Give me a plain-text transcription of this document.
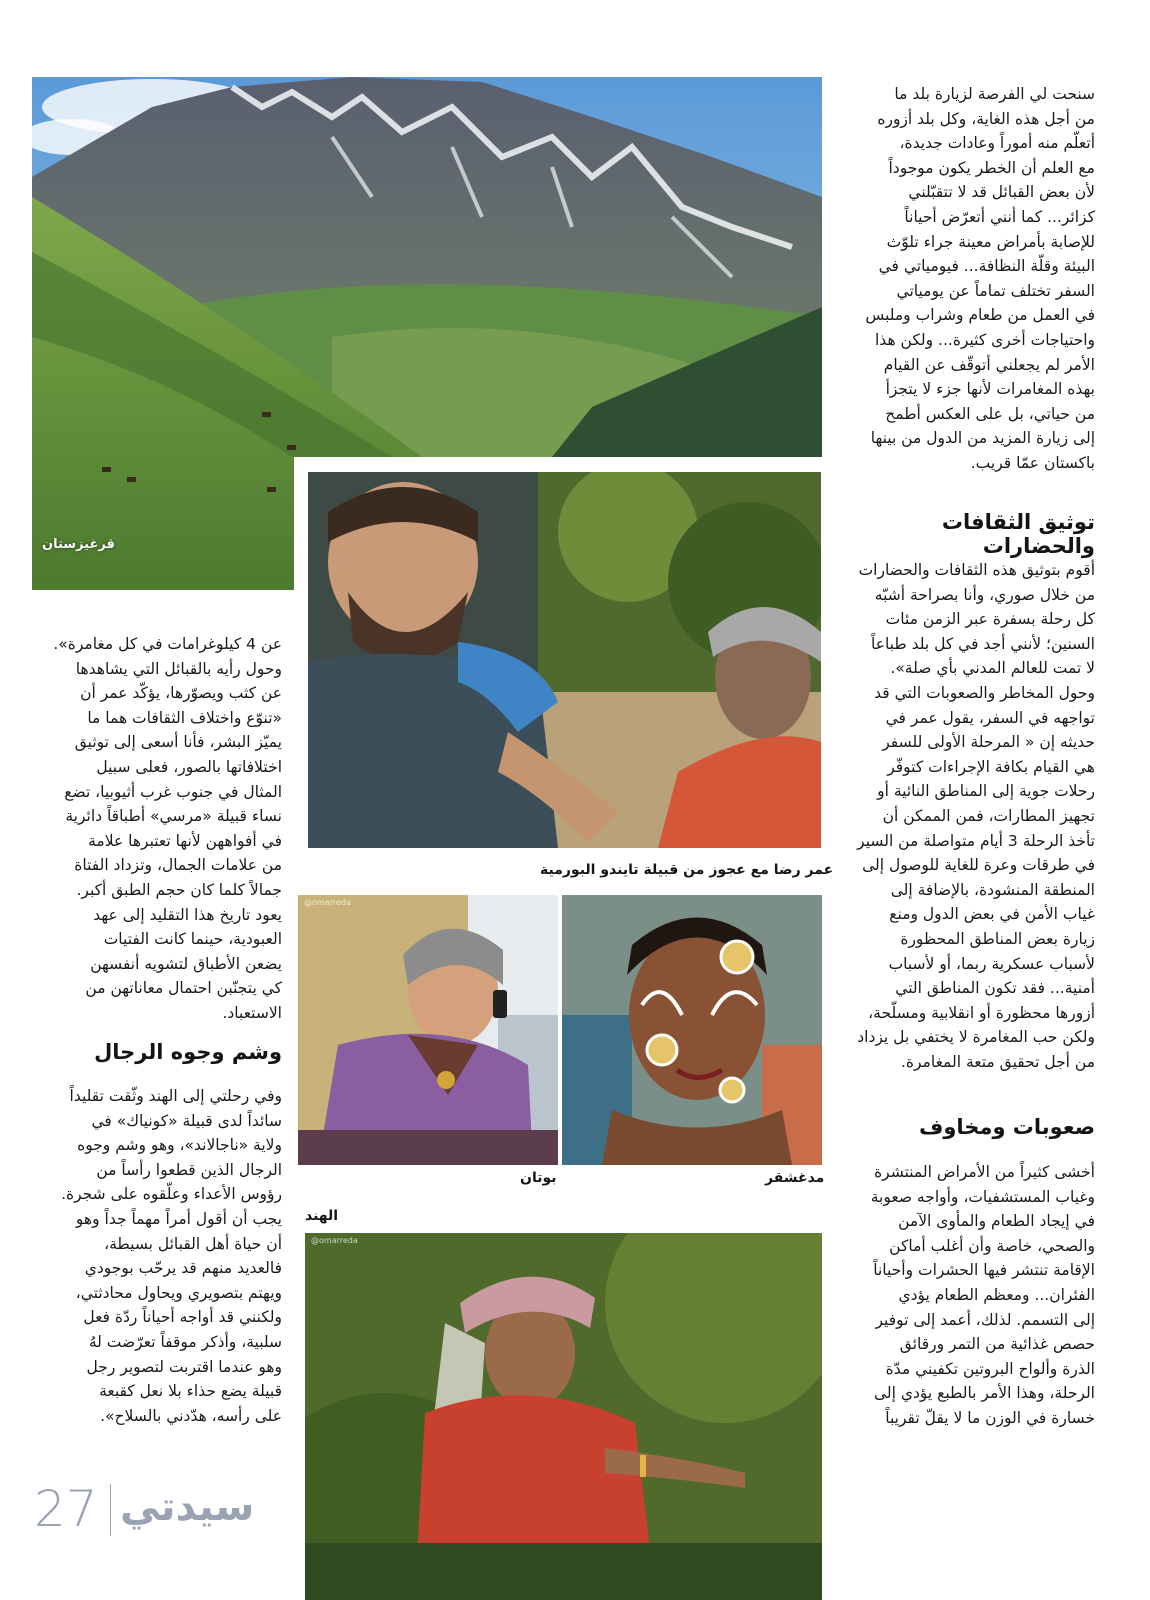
قرغيزستان
عمر رضا مع عجوز من قبيلة تايندو البورمية
@omarreda
بوتان	مدغشقر
الهند
@omarreda
سنحت لي الفرصة لزيارة بلد ما
من أجل هذه الغاية، وكل بلد أزوره
أتعلّم منه أموراً وعادات جديدة،
مع العلم أن الخطر يكون موجوداً
لأن بعض القبائل قد لا تتقبّلني
كزائر... كما أنني أتعرّض أحياناً
للإصابة بأمراض معينة جراء تلوّث
البيئة وقلّة النظافة... فيومياتي في
السفر تختلف تماماً عن يومياتي
في العمل من طعام وشراب وملبس
واحتياجات أخرى كثيرة... ولكن هذا
الأمر لم يجعلني أتوقّف عن القيام
بهذه المغامرات لأنها جزء لا يتجزأ
من حياتي، بل على العكس أطمح
إلى زيارة المزيد من الدول من بينها
باكستان عمّا قريب.
توثيق الثقافات والحضارات
أقوم بتوثيق هذه الثقافات والحضارات
من خلال صوري، وأنا بصراحة أشبّه
كل رحلة بسفرة عبر الزمن مئات
السنين؛ لأنني أجد في كل بلد طباعاً
لا تمت للعالم المدني بأي صلة».
وحول المخاطر والصعوبات التي قد
تواجهه في السفر، يقول عمر في
حديثه إن « المرحلة الأولى للسفر
هي القيام بكافة الإجراءات كتوفّر
رحلات جوية إلى المناطق النائية أو
تجهيز المطارات، فمن الممكن أن
تأخذ الرحلة 3 أيام متواصلة من السير
في طرقات وعرة للغاية للوصول إلى
المنطقة المنشودة، بالإضافة إلى
غياب الأمن في بعض الدول ومنع
زيارة بعض المناطق المحظورة
لأسباب عسكرية ربما، أو لأسباب
أمنية... فقد تكون المناطق التي
أزورها محظورة أو انقلابية ومسلّحة،
ولكن حب المغامرة لا يختفي بل يزداد
من أجل تحقيق متعة المغامرة.
صعوبات ومخاوف
أخشى كثيراً من الأمراض المنتشرة
وغياب المستشفيات، وأواجه صعوبة
في إيجاد الطعام والمأوى الآمن
والصحي، خاصة وأن أغلب أماكن
الإقامة تنتشر فيها الحشرات وأحياناً
الفئران... ومعظم الطعام يؤدي
إلى التسمم. لذلك، أعمد إلى توفير
حصص غذائية من التمر ورقائق
الذرة وألواح البروتين تكفيني مدّة
الرحلة، وهذا الأمر بالطبع يؤدي إلى
خسارة في الوزن ما لا يقلّ تقريباً
عن 4 كيلوغرامات في كل مغامرة».
وحول رأيه بالقبائل التي يشاهدها
عن كثب ويصوّرها، يؤكّد عمر أن
«تنوّع واختلاف الثقافات هما ما
يميّز البشر، فأنا أسعى إلى توثيق
اختلافاتها بالصور، فعلى سبيل
المثال في جنوب غرب أثيوبيا، تضع
نساء قبيلة «مرسي» أطباقاً دائرية
في أفواههن لأنها تعتبرها علامة
من علامات الجمال، وتزداد الفتاة
جمالاً كلما كان حجم الطبق أكبر.
يعود تاريخ هذا التقليد إلى عهد
العبودية، حينما كانت الفتيات
يضعن الأطباق لتشويه أنفسهن
كي يتجنّبن احتمال معاناتهن من
الاستعباد.
وشم وجوه الرجال
وفي رحلتي إلى الهند وثّقت تقليداً
سائداً لدى قبيلة «كونياك» في
ولاية «ناجالاند»، وهو وشم وجوه
الرجال الذين قطعوا رأساً من
رؤوس الأعداء وعلّقوه على شجرة.
يجب أن أقول أمراً مهماً جداً وهو
أن حياة أهل القبائل بسيطة،
فالعديد منهم قد يرحّب بوجودي
ويهتم بتصويري ويحاول محادثتي،
ولكنني قد أواجه أحياناً ردّة فعل
سلبية، وأذكر موقفاً تعرّضت لهُ
وهو عندما اقتربت لتصوير رجل
قبيلة يضع حذاء بلا نعل كقبعة
على رأسه، هدّدني بالسلاح».
27 سيدتي
